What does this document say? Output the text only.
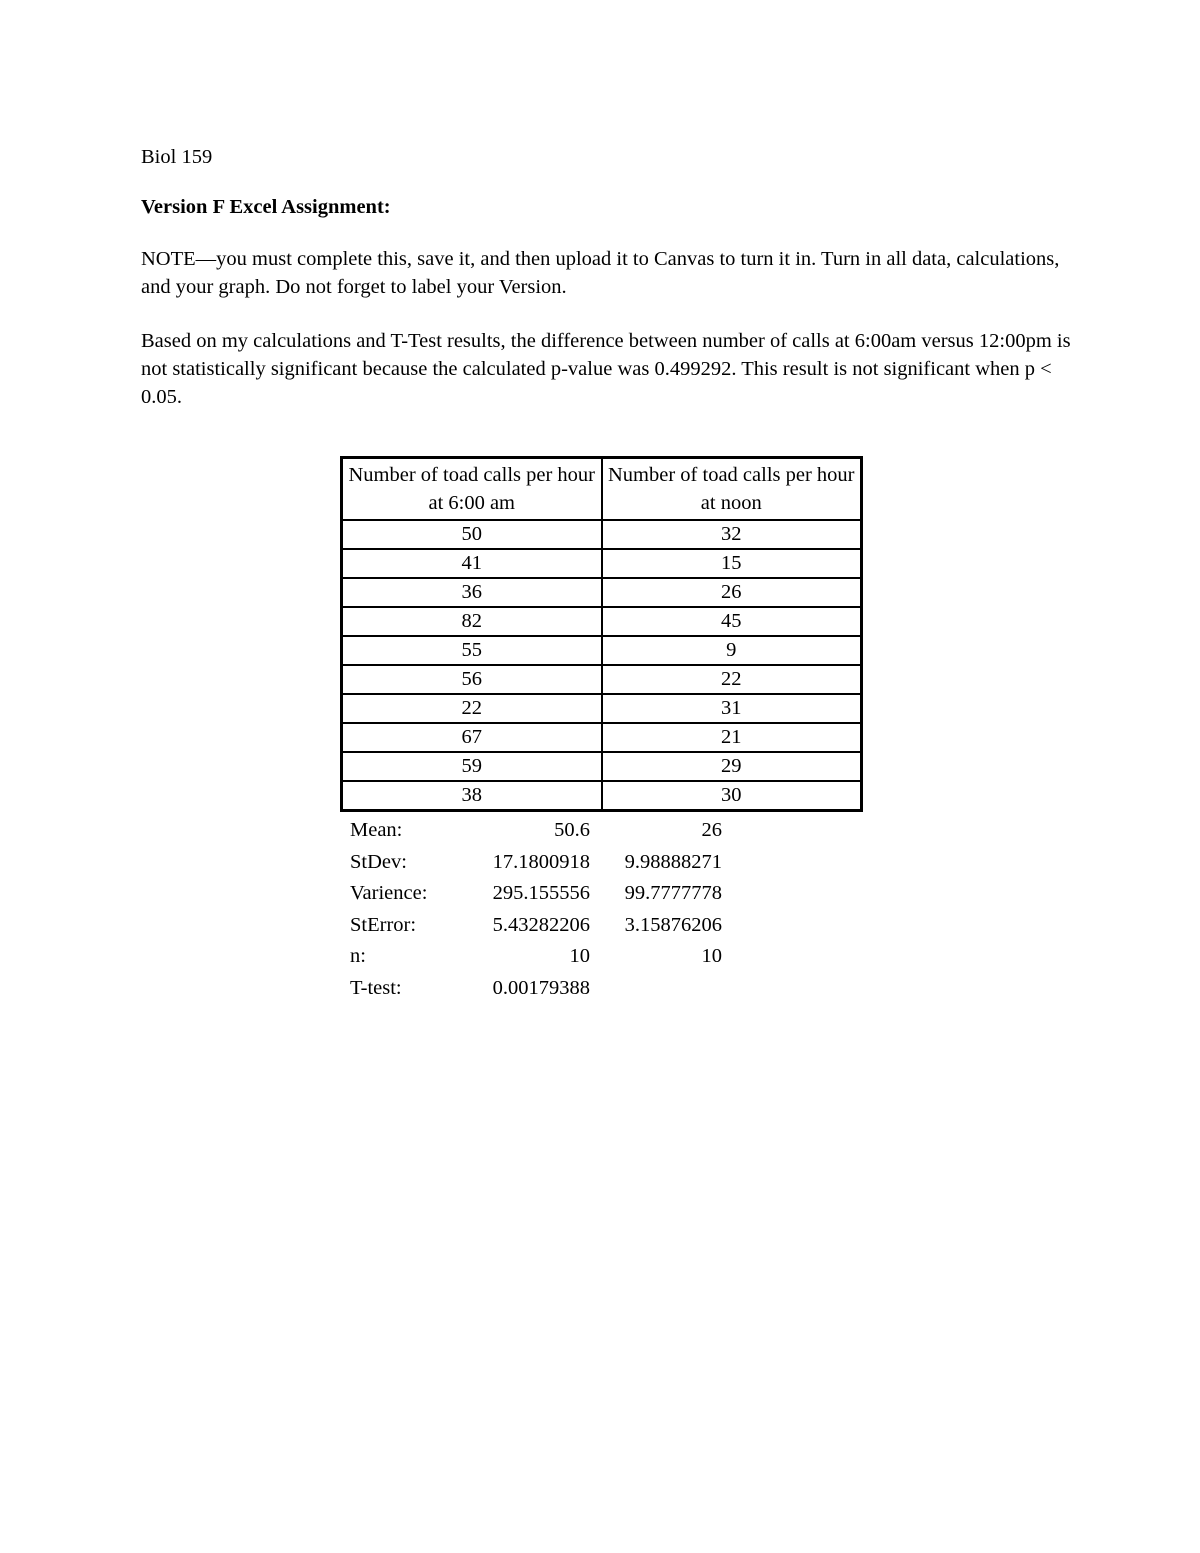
Biol 159
Version F Excel Assignment:
NOTE—you must complete this, save it, and then upload it to Canvas to turn it in. Turn in all data, calculations, and your graph. Do not forget to label your Version.
Based on my calculations and T-Test results, the difference between number of calls at 6:00am versus 12:00pm is not statistically significant because the calculated p-value was 0.499292. This result is not significant when p < 0.05.
Number of toad calls per hour at 6:00 am	Number of toad calls per hour at noon
50	32
41	15
36	26
82	45
55	9
56	22
22	31
67	21
59	29
38	30
Mean:	50.6	26
StDev:	17.1800918	9.98888271
Varience:	295.155556	99.7777778
StError:	5.43282206	3.15876206
n:	10	10
T-test:	0.00179388
